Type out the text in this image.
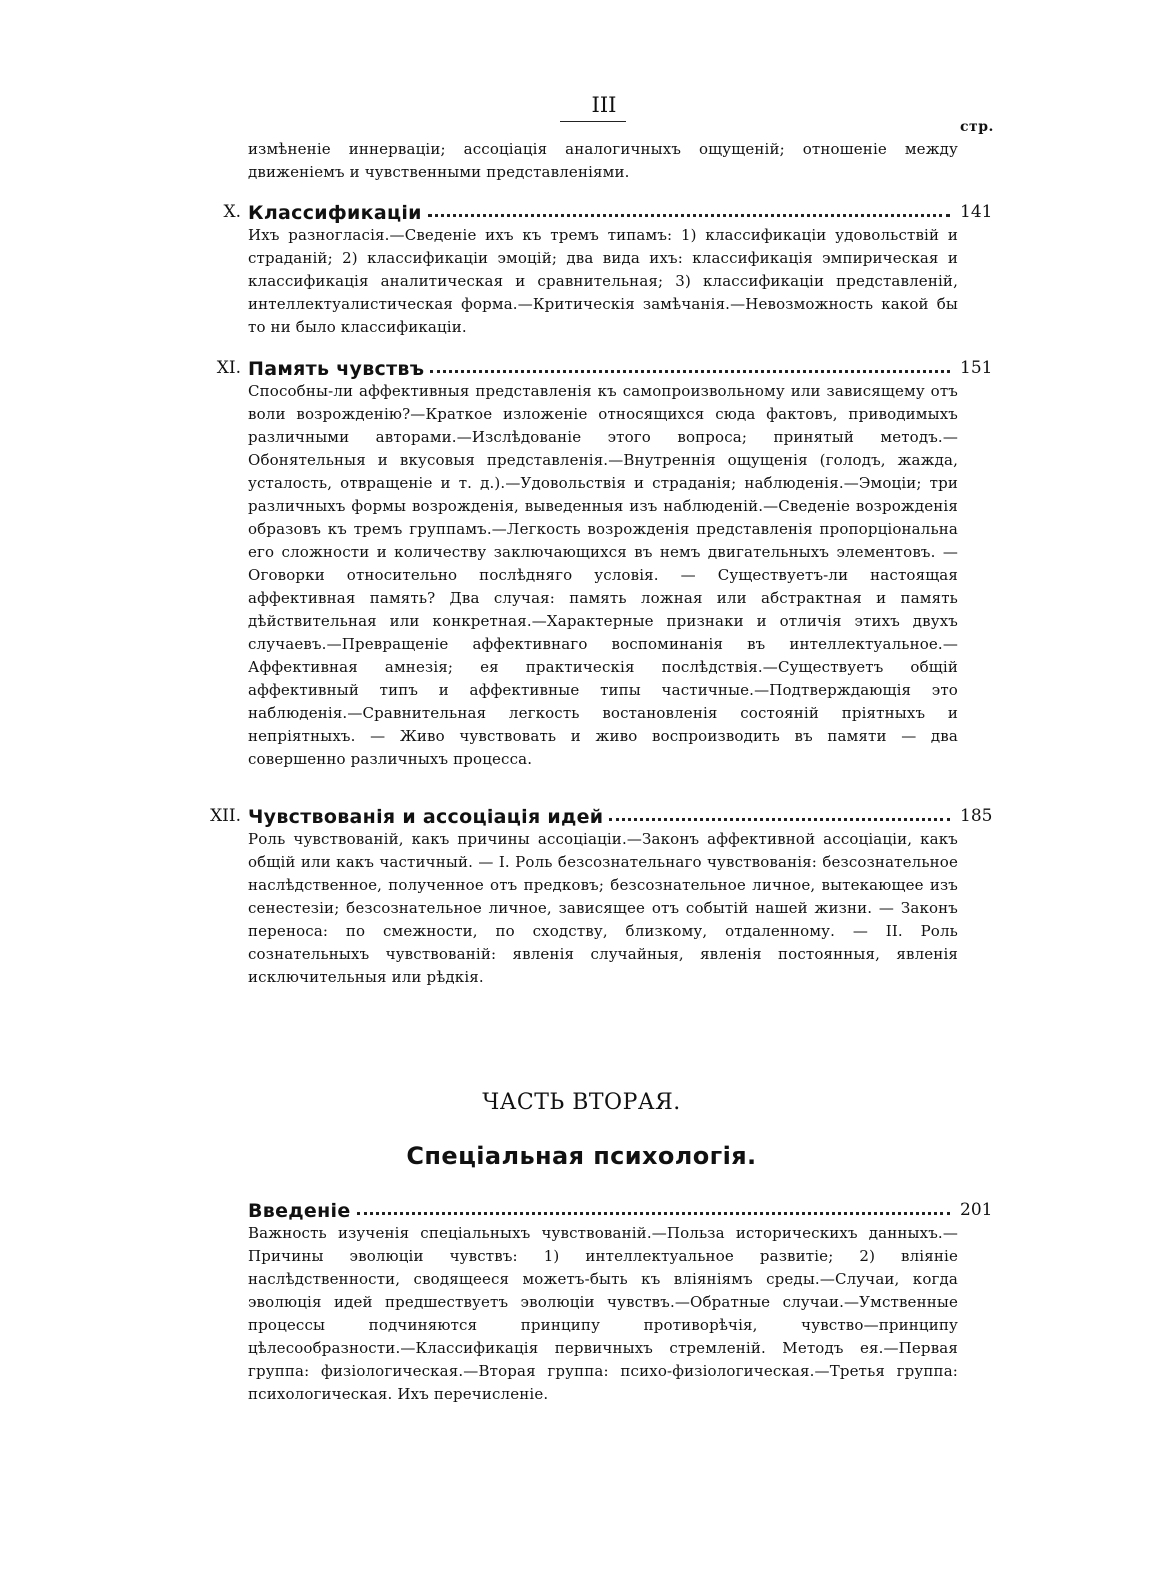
III
стр.

измѣненіе иннерваціи; ассоціація аналогичныхъ ощущеній; отношеніе между движеніемъ и чувственными представленіями.

X. Классификаціи	141

Ихъ разногласія.—Сведеніе ихъ къ тремъ типамъ: 1) классификаціи удовольствій и страданій; 2) классификаціи эмоцій; два вида ихъ: классификація эмпирическая и классификація аналитическая и сравнительная; 3) классификаціи представленій, интеллектуалистическая форма.—Критическія замѣчанія.—Невозможность какой бы то ни было классификаціи.

XI. Память чувствъ	151

Способны-ли аффективныя представленія къ самопроизвольному или зависящему отъ воли возрожденію?—Краткое изложеніе относящихся сюда фактовъ, приводимыхъ различными авторами.—Изслѣдованіе этого вопроса; принятый методъ.—Обонятельныя и вкусовыя представленія.—Внутреннія ощущенія (голодъ, жажда, усталость, отвращеніе и т. д.).—Удовольствія и страданія; наблюденія.—Эмоціи; три различныхъ формы возрожденія, выведенныя изъ наблюденій.—Сведеніе возрожденія образовъ къ тремъ группамъ.—Легкость возрожденія представленія пропорціональна его сложности и количеству заключающихся въ немъ двигательныхъ элементовъ. — Оговорки относительно послѣдняго условія. — Существуетъ-ли настоящая аффективная память? Два случая: память ложная или абстрактная и память дѣйствительная или конкретная.—Характерные признаки и отличія этихъ двухъ случаевъ.—Превращеніе аффективнаго воспоминанія въ интеллектуальное.—Аффективная амнезія; ея практическія послѣдствія.—Существуетъ общій аффективный типъ и аффективные типы частичные.—Подтверждающія это наблюденія.—Сравнительная легкость востановленія состояній пріятныхъ и непріятныхъ. — Живо чувствовать и живо воспроизводить въ памяти — два совершенно различныхъ процесса.

XII. Чувствованія и ассоціація идей	185

Роль чувствованій, какъ причины ассоціаціи.—Законъ аффективной ассоціаціи, какъ общій или какъ частичный. — I. Роль безсознательнаго чувствованія: безсознательное наслѣдственное, полученное отъ предковъ; безсознательное личное, вытекающее изъ сенестезіи; безсознательное личное, зависящее отъ событій нашей жизни. — Законъ переноса: по смежности, по сходству, близкому, отдаленному. — II. Роль сознательныхъ чувствованій: явленія случайныя, явленія постоянныя, явленія исключительныя или рѣдкія.

ЧАСТЬ ВТОРАЯ.
Спеціальная психологія.
Введеніе	201

Важность изученія спеціальныхъ чувствованій.—Польза историческихъ данныхъ.—Причины эволюціи чувствъ: 1) интеллектуальное развитіе; 2) вліяніе наслѣдственности, сводящееся можетъ-быть къ вліяніямъ среды.—Случаи, когда эволюція идей предшествуетъ эволюціи чувствъ.—Обратные случаи.—Умственные процессы подчиняются принципу противорѣчія, чувство—принципу цѣлесообразности.—Классификація первичныхъ стремленій. Методъ ея.—Первая группа: физіологическая.—Вторая группа: психо-физіологическая.—Третья группа: психологическая. Ихъ перечисленіе.
